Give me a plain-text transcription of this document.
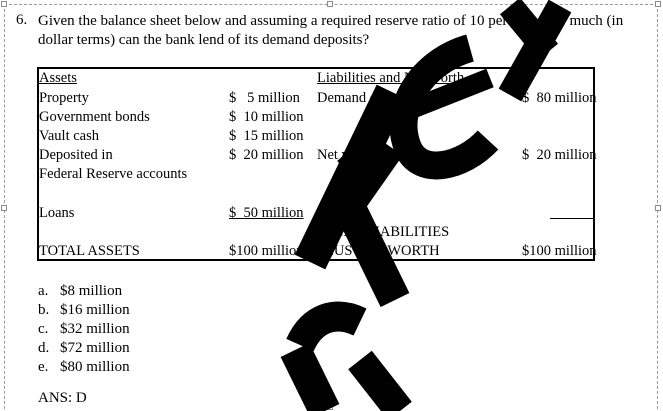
6. Given the balance sheet below and assuming a required reserve ratio of 10 percent, how much (in dollar terms) can the bank lend of its demand deposits?
Assets	Liabilities and Net Worth
Property	$   5 million Demand deposits	$  80 million
Government bonds	$  10 million
Vault cash	$  15 million
Deposited in	$  20 million Net worth	$  20 million
Federal Reserve accounts
Loans	$  50 million
TOTAL LIABILITIES
TOTAL ASSETS	$100 million PLUS NET WORTH	$100 million
a. $8 million
b. $16 million
c. $32 million
d. $72 million
e. $80 million
ANS: D
